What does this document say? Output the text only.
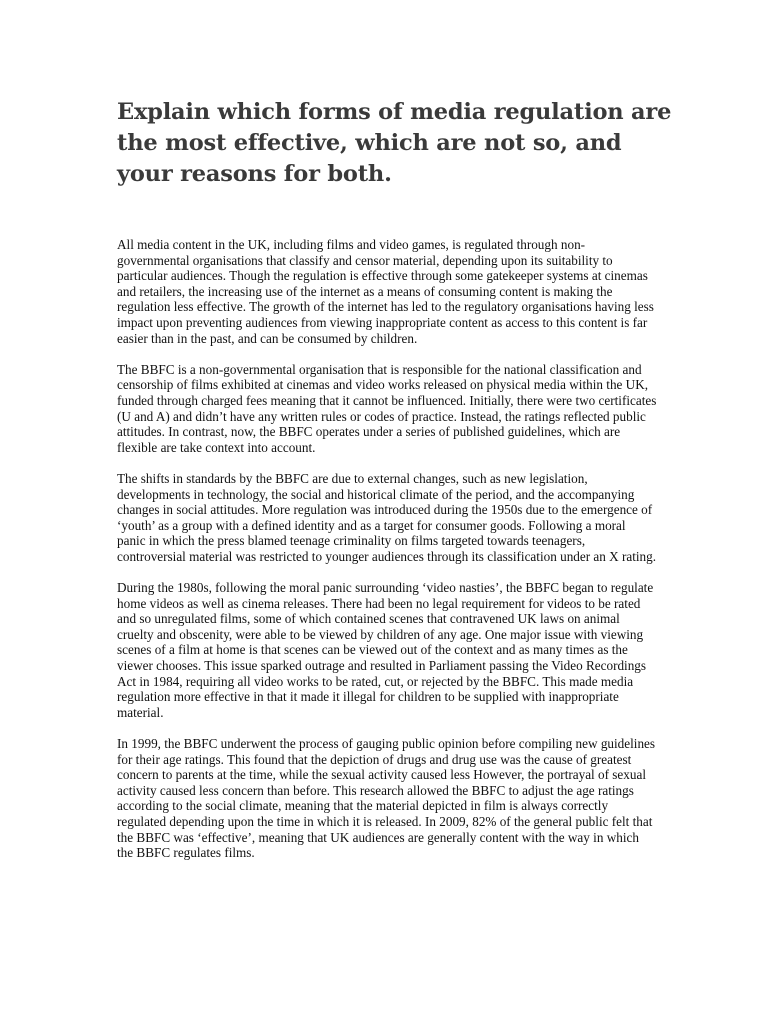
Explain which forms of media regulation are the most effective, which are not so, and your reasons for both.

All media content in the UK, including films and video games, is regulated through non-governmental organisations that classify and censor material, depending upon its suitability to particular audiences. Though the regulation is effective through some gatekeeper systems at cinemas and retailers, the increasing use of the internet as a means of consuming content is making the regulation less effective. The growth of the internet has led to the regulatory organisations having less impact upon preventing audiences from viewing inappropriate content as access to this content is far easier than in the past, and can be consumed by children.

The BBFC is a non-governmental organisation that is responsible for the national classification and censorship of films exhibited at cinemas and video works released on physical media within the UK, funded through charged fees meaning that it cannot be influenced. Initially, there were two certificates (U and A) and didn’t have any written rules or codes of practice. Instead, the ratings reflected public attitudes. In contrast, now, the BBFC operates under a series of published guidelines, which are flexible are take context into account.

The shifts in standards by the BBFC are due to external changes, such as new legislation, developments in technology, the social and historical climate of the period, and the accompanying changes in social attitudes. More regulation was introduced during the 1950s due to the emergence of ‘youth’ as a group with a defined identity and as a target for consumer goods. Following a moral panic in which the press blamed teenage criminality on films targeted towards teenagers, controversial material was restricted to younger audiences through its classification under an X rating.

During the 1980s, following the moral panic surrounding ‘video nasties’, the BBFC began to regulate home videos as well as cinema releases. There had been no legal requirement for videos to be rated and so unregulated films, some of which contained scenes that contravened UK laws on animal cruelty and obscenity, were able to be viewed by children of any age. One major issue with viewing scenes of a film at home is that scenes can be viewed out of the context and as many times as the viewer chooses. This issue sparked outrage and resulted in Parliament passing the Video Recordings Act in 1984, requiring all video works to be rated, cut, or rejected by the BBFC. This made media regulation more effective in that it made it illegal for children to be supplied with inappropriate material.

In 1999, the BBFC underwent the process of gauging public opinion before compiling new guidelines for their age ratings. This found that the depiction of drugs and drug use was the cause of greatest concern to parents at the time, while the sexual activity caused less However, the portrayal of sexual activity caused less concern than before. This research allowed the BBFC to adjust the age ratings according to the social climate, meaning that the material depicted in film is always correctly regulated depending upon the time in which it is released. In 2009, 82% of the general public felt that the BBFC was ‘effective’, meaning that UK audiences are generally content with the way in which the BBFC regulates films.
